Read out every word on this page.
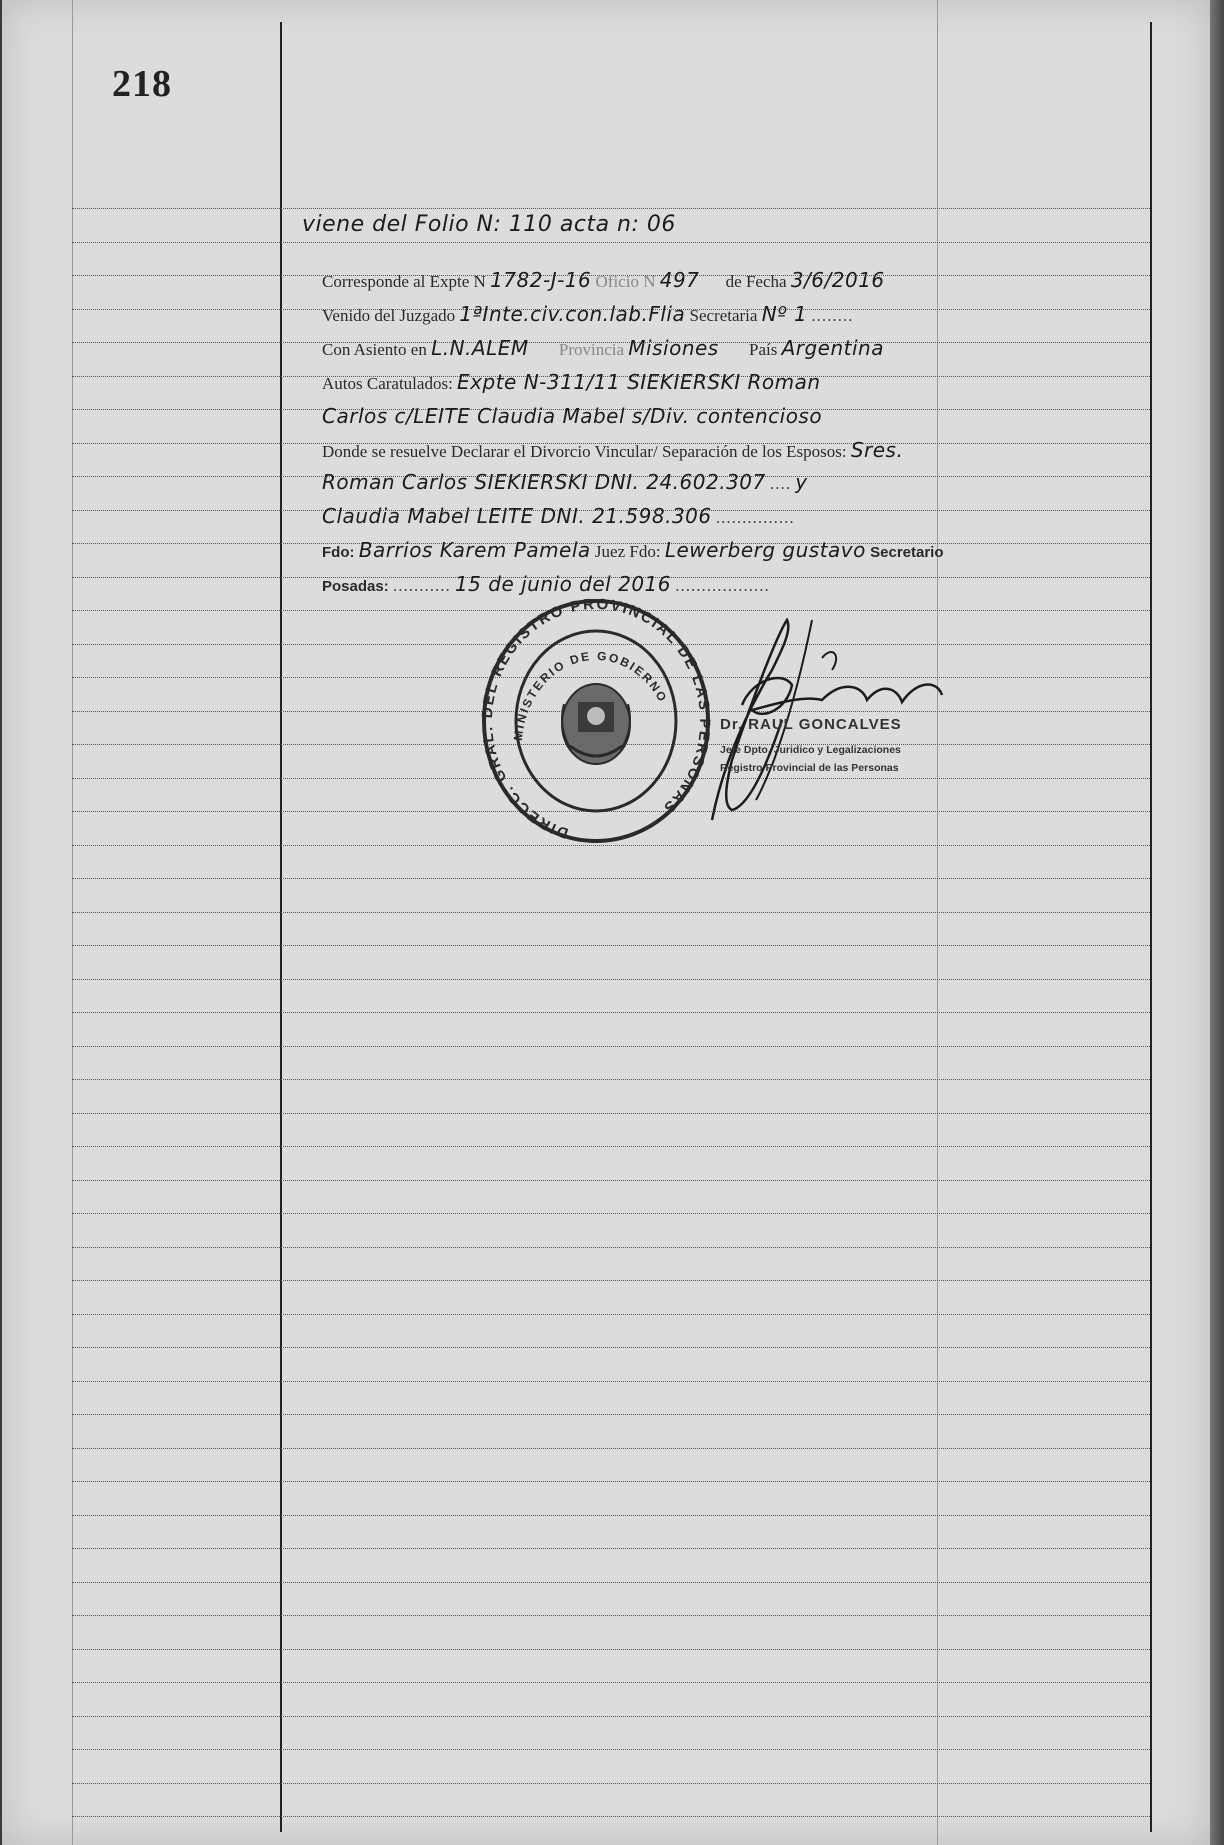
218
viene del Folio N: 110 acta n: 06
Corresponde al Expte N 1782-J-16 Oficio N 497 de Fecha 3/6/2016
Venido del Juzgado 1ªInte.civ.con.lab.Flia Secretaria Nº 1 ........
Con Asiento en L.N.ALEM Provincia Misiones País Argentina
Autos Caratulados: Expte N-311/11 SIEKIERSKI Roman
Carlos c/LEITE Claudia Mabel s/Div. contencioso
Donde se resuelve Declarar el Divorcio Vincular/ Separación de los Esposos: Sres.
Roman Carlos SIEKIERSKI DNI. 24.602.307 .... y
Claudia Mabel LEITE DNI. 21.598.306 ...............
Fdo: Barrios Karem Pamela Juez Fdo: Lewerberg gustavo Secretario
Posadas: ........... 15 de junio del 2016 ..................
DIRECC. GRAL. DEL REGISTRO PROVINCIAL DE LAS PERSONAS
MINISTERIO DE GOBIERNO
Dr. RAUL GONCALVES
Jefe Dpto. Juridico y Legalizaciones
Registro Provincial de las Personas
